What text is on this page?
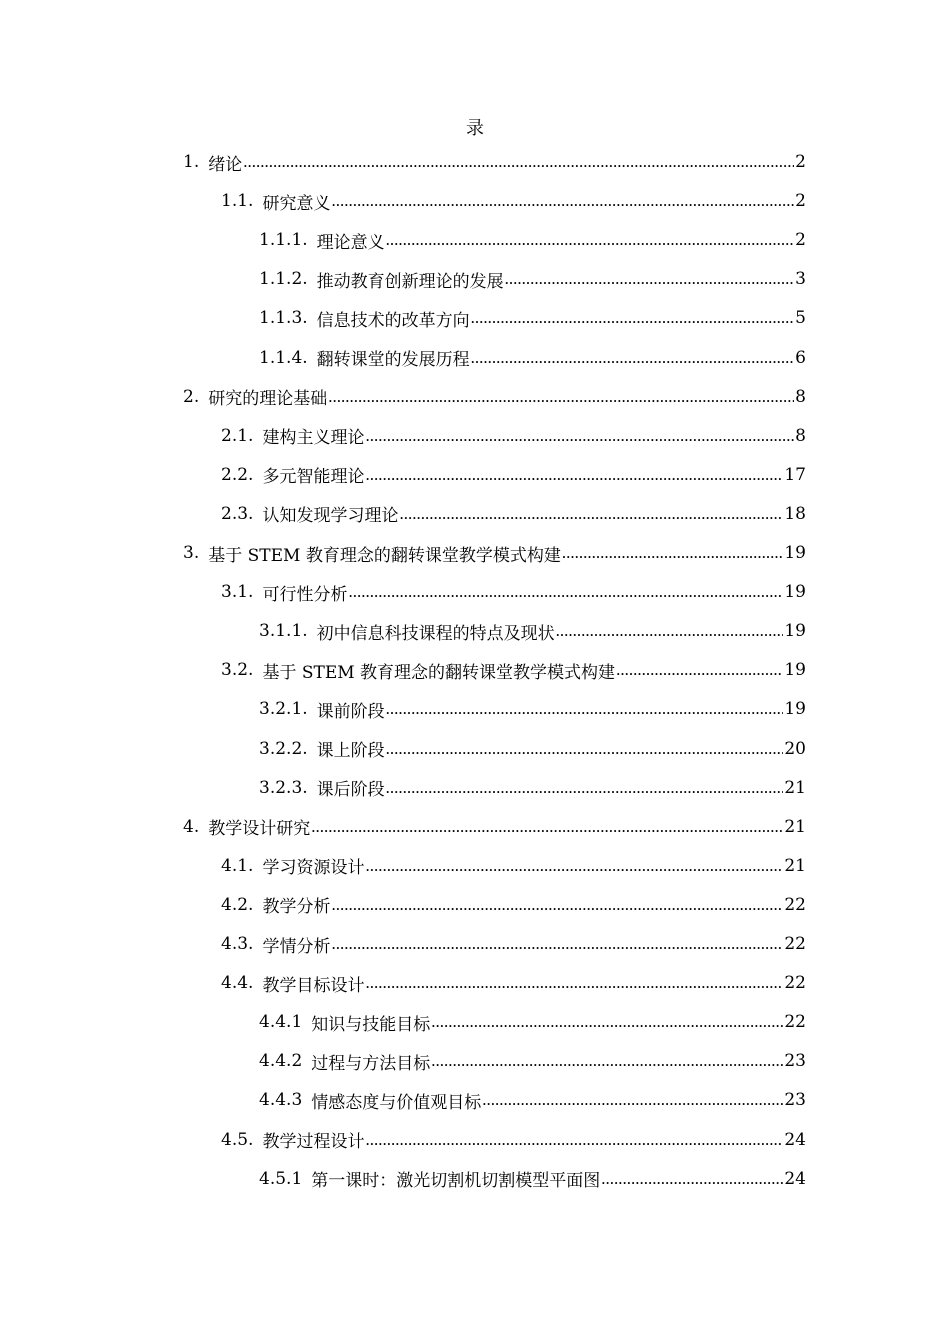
录
1. 绪论 .....	2
1.1. 研究意义 .....	2
1.1.1. 理论意义 .....	2
1.1.2. 推动教育创新理论的发展 .....	3
1.1.3. 信息技术的改革方向 .....	5
1.1.4. 翻转课堂的发展历程 .....	6
2. 研究的理论基础 .....	8
2.1. 建构主义理论 .....	8
2.2. 多元智能理论 .....	17
2.3. 认知发现学习理论 .....	18
3. 基于 STEM 教育理念的翻转课堂教学模式构建 .....	19
3.1. 可行性分析 .....	19
3.1.1. 初中信息科技课程的特点及现状 .....	19
3.2. 基于 STEM 教育理念的翻转课堂教学模式构建 .....	19
3.2.1. 课前阶段 .....	19
3.2.2. 课上阶段 .....	20
3.2.3. 课后阶段 .....	21
4. 教学设计研究 .....	21
4.1. 学习资源设计 .....	21
4.2. 教学分析 .....	22
4.3. 学情分析 .....	22
4.4. 教学目标设计 .....	22
4.4.1 知识与技能目标 .....	22
4.4.2 过程与方法目标 .....	23
4.4.3 情感态度与价值观目标 .....	23
4.5. 教学过程设计 .....	24
4.5.1 第一课时：激光切割机切割模型平面图 .....	24
